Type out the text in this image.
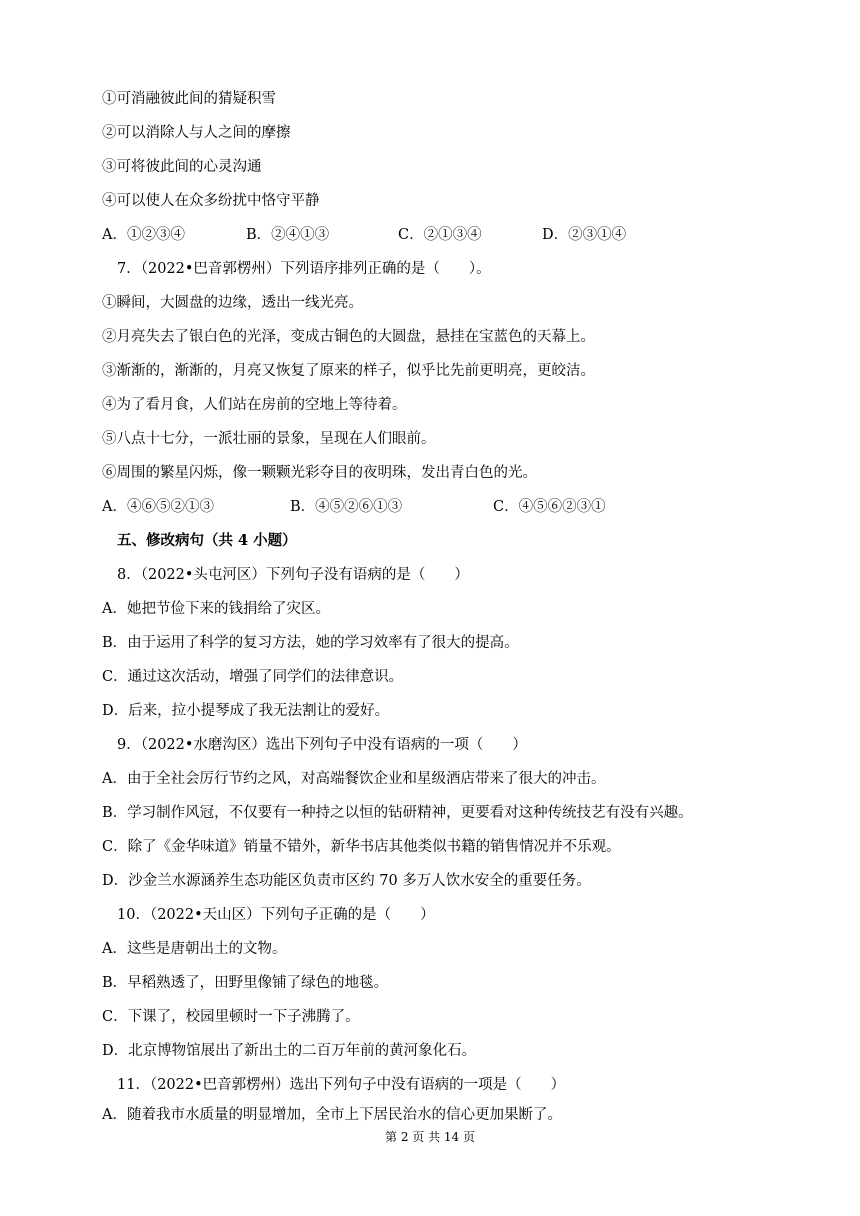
①可消融彼此间的猜疑积雪
②可以消除人与人之间的摩擦
③可将彼此间的心灵沟通
④可以使人在众多纷扰中恪守平静
A．①②③④	B．②④①③	C．②①③④	D．②③①④
7．（2022•巴音郭楞州）下列语序排列正确的是（　　）。
①瞬间，大圆盘的边缘，透出一线光亮。
②月亮失去了银白色的光泽，变成古铜色的大圆盘，悬挂在宝蓝色的天幕上。
③渐渐的，渐渐的，月亮又恢复了原来的样子，似乎比先前更明亮，更皎洁。
④为了看月食，人们站在房前的空地上等待着。
⑤八点十七分，一派壮丽的景象，呈现在人们眼前。
⑥周围的繁星闪烁，像一颗颗光彩夺目的夜明珠，发出青白色的光。
A．④⑥⑤②①③	B．④⑤②⑥①③	C．④⑤⑥②③①
五、修改病句（共 4 小题）
8．（2022•头屯河区）下列句子没有语病的是（　　）
A．她把节俭下来的钱捐给了灾区。
B．由于运用了科学的复习方法，她的学习效率有了很大的提高。
C．通过这次活动，增强了同学们的法律意识。
D．后来，拉小提琴成了我无法割让的爱好。
9．（2022•水磨沟区）选出下列句子中没有语病的一项（　　）
A．由于全社会厉行节约之风，对高端餐饮企业和星级酒店带来了很大的冲击。
B．学习制作风冠，不仅要有一种持之以恒的钻研精神，更要看对这种传统技艺有没有兴趣。
C．除了《金华味道》销量不错外，新华书店其他类似书籍的销售情况并不乐观。
D．沙金兰水源涵养生态功能区负责市区约 70 多万人饮水安全的重要任务。
10．（2022•天山区）下列句子正确的是（　　）
A．这些是唐朝出土的文物。
B．早稻熟透了，田野里像铺了绿色的地毯。
C．下课了，校园里顿时一下子沸腾了。
D．北京博物馆展出了新出土的二百万年前的黄河象化石。
11．（2022•巴音郭楞州）选出下列句子中没有语病的一项是（　　）
A．随着我市水质量的明显增加，全市上下居民治水的信心更加果断了。
第 2 页 共 14 页
